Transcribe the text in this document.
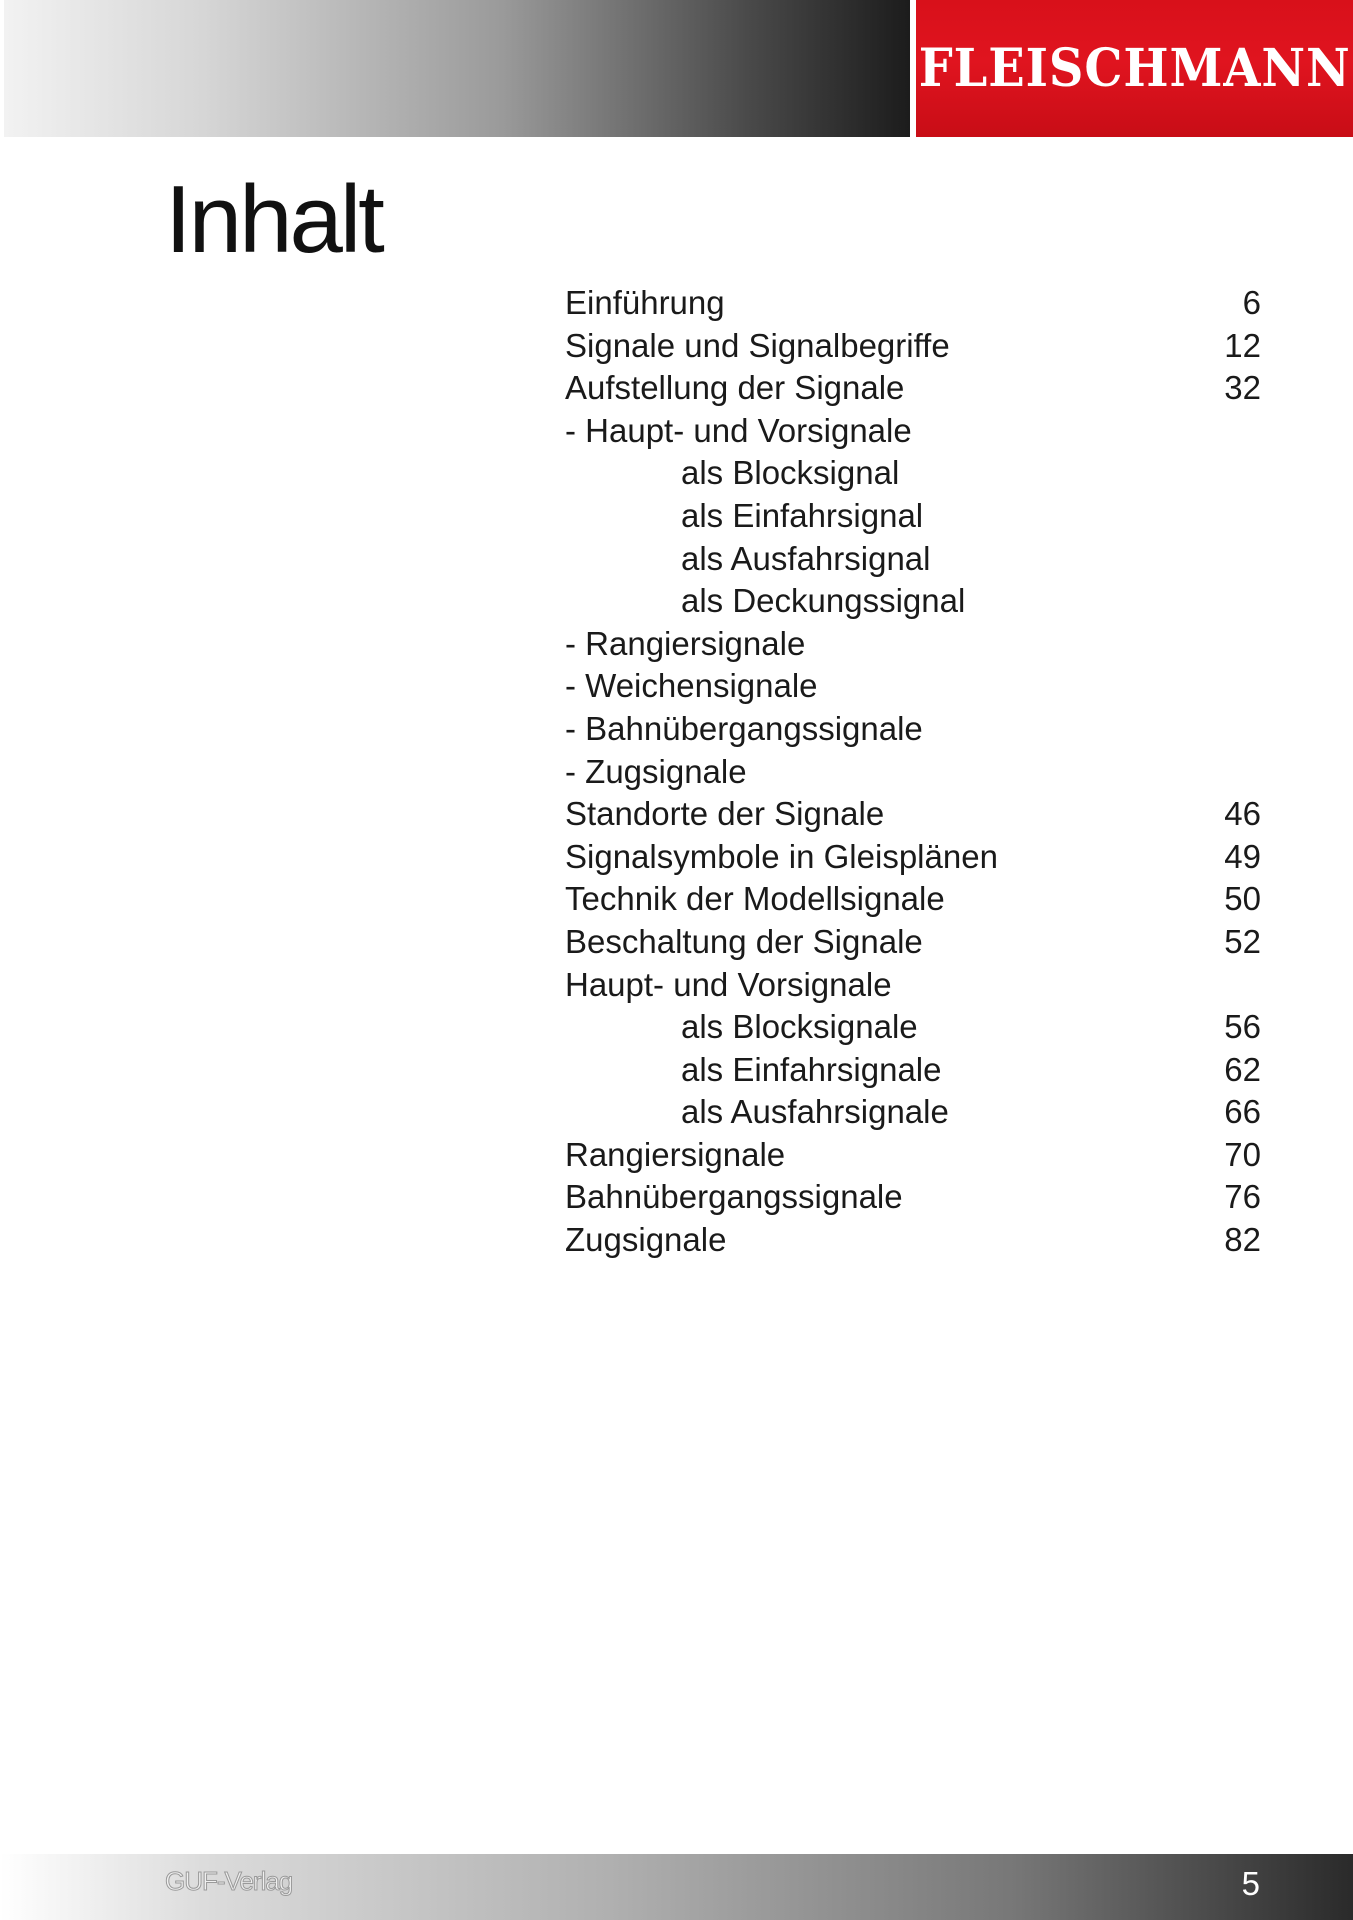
FLEISCHMANN
Inhalt
Einführung	6
Signale und Signalbegriffe	12
Aufstellung der Signale	32
- Haupt- und Vorsignale
als Blocksignal
als Einfahrsignal
als Ausfahrsignal
als Deckungssignal
- Rangiersignale
- Weichensignale
- Bahnübergangssignale
- Zugsignale
Standorte der Signale	46
Signalsymbole in Gleisplänen	49
Technik der Modellsignale	50
Beschaltung der Signale	52
Haupt- und Vorsignale
als Blocksignale	56
als Einfahrsignale	62
als Ausfahrsignale	66
Rangiersignale	70
Bahnübergangssignale	76
Zugsignale	82
GUF-Verlag	5
